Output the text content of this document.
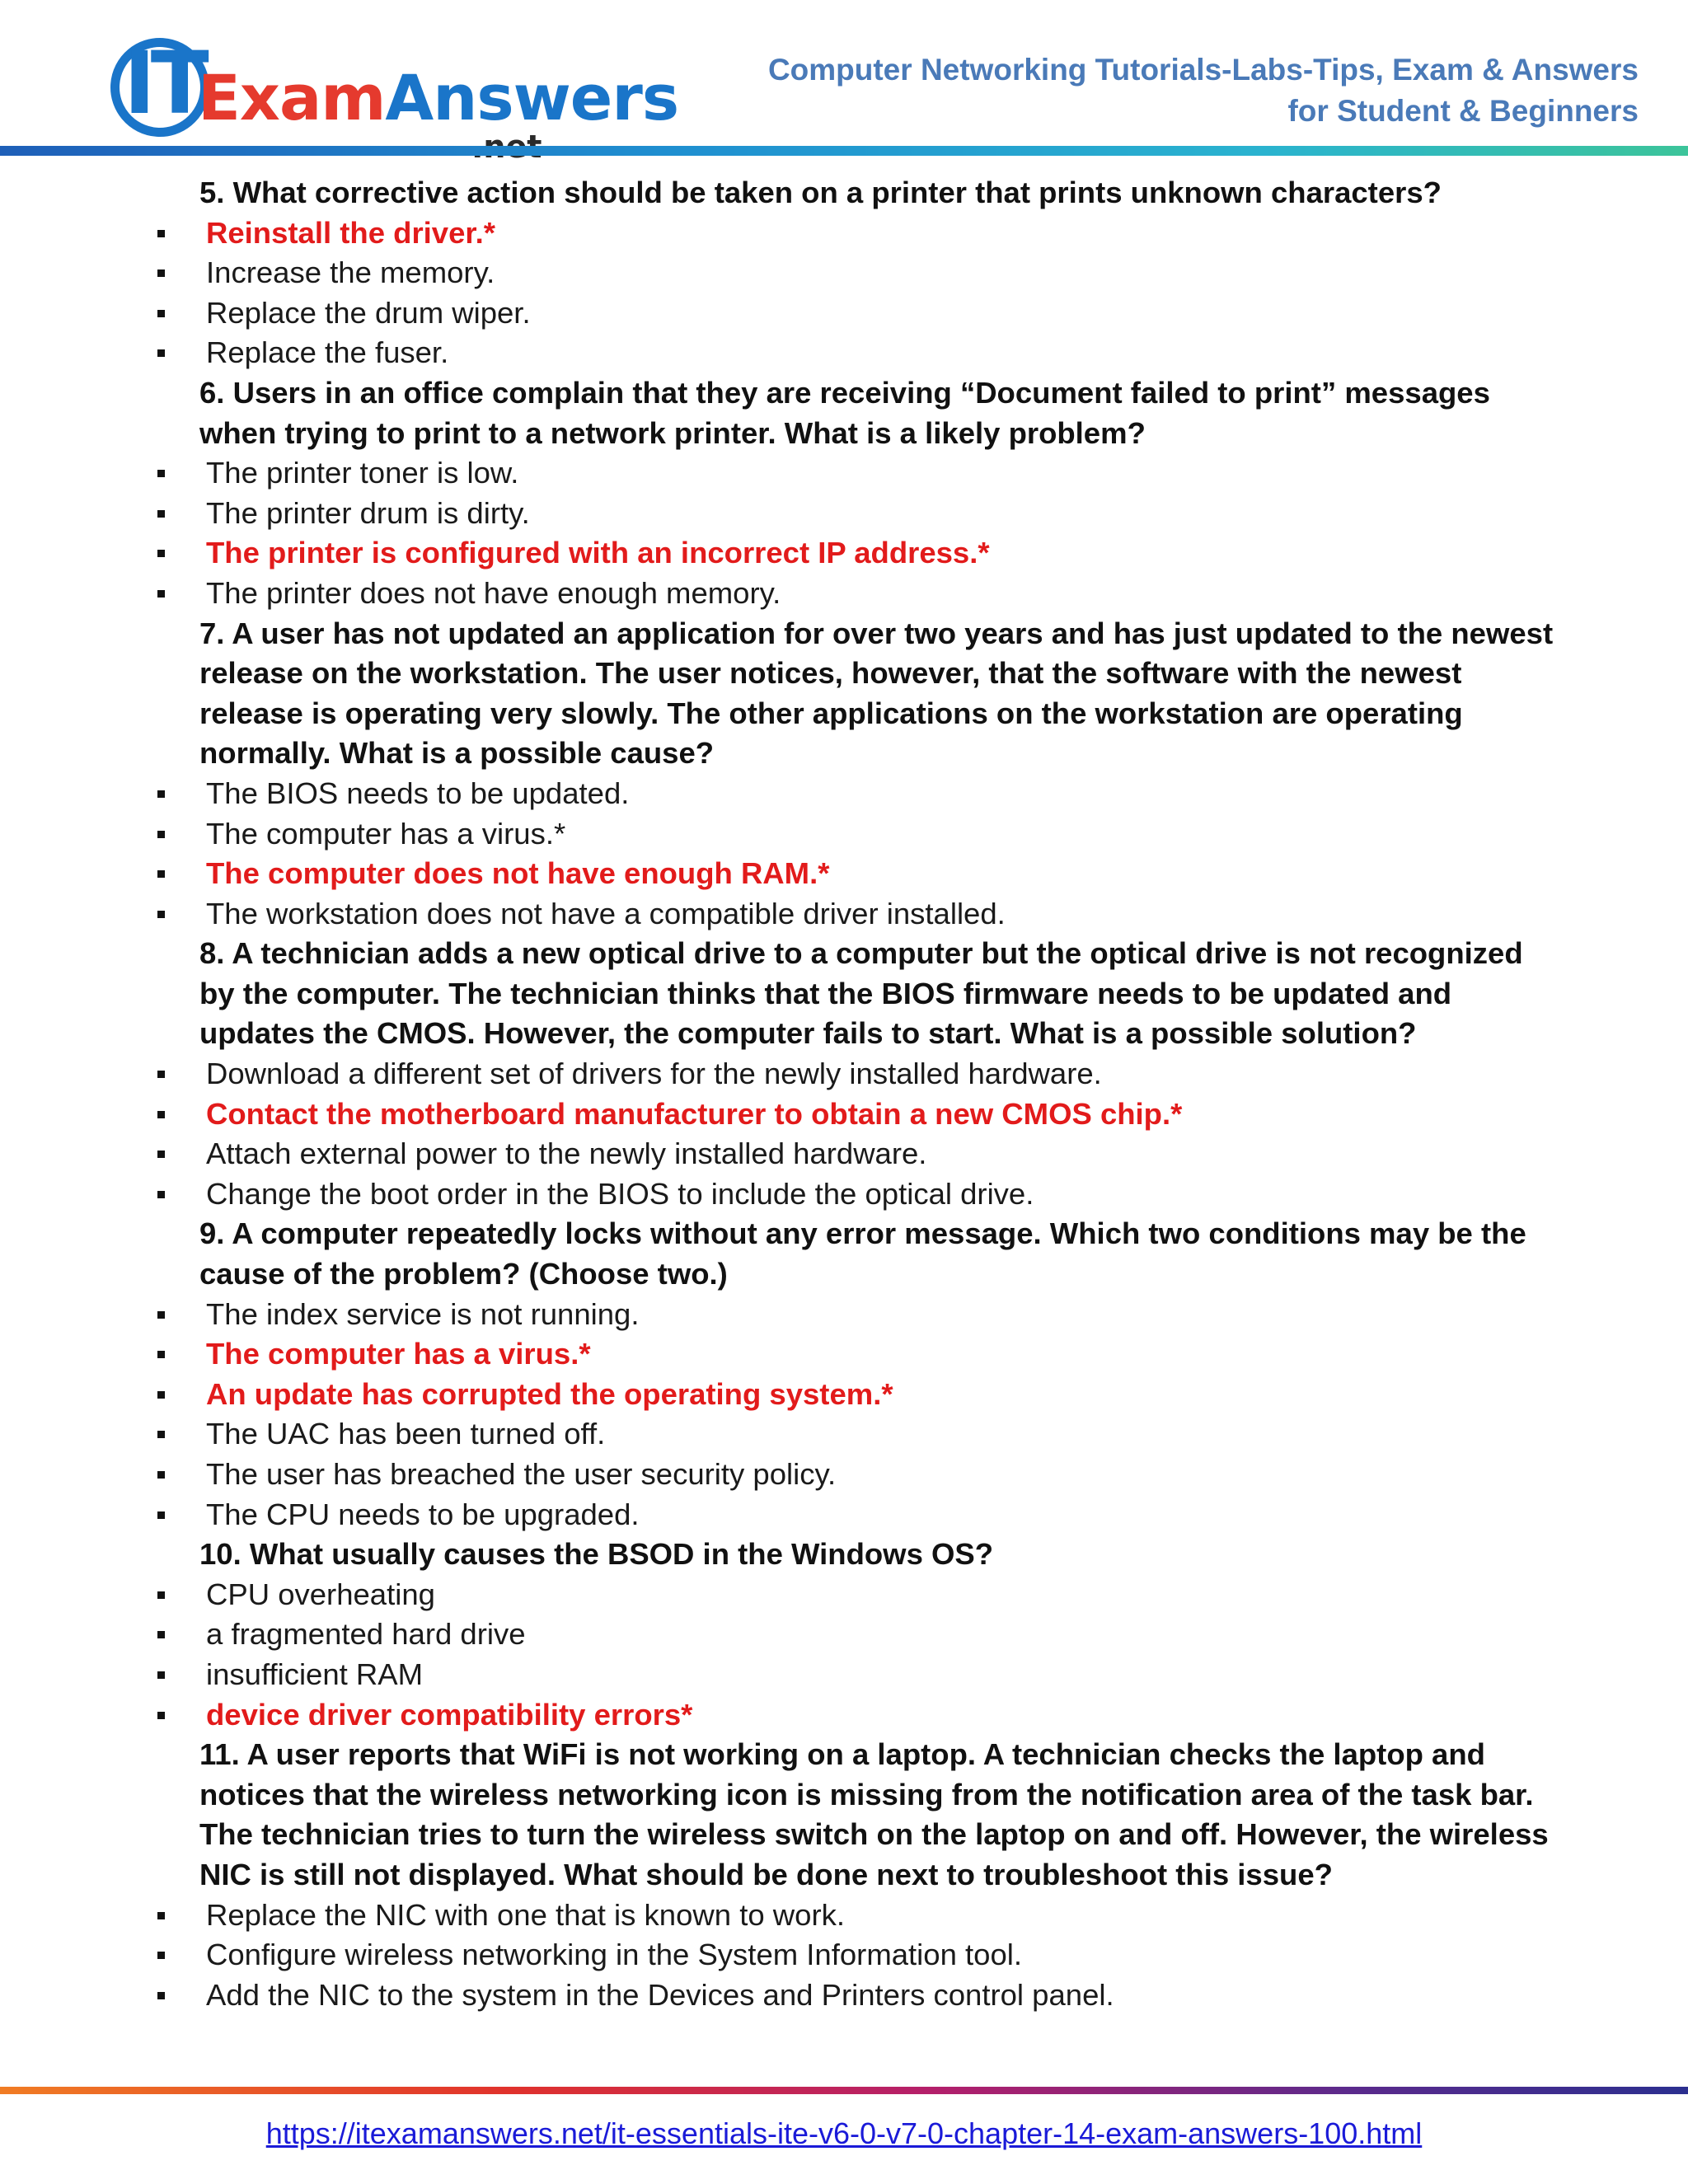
IT
ExamAnswers	Computer Networking Tutorials-Labs-Tips, Exam & Answers
for Student & Beginners
5. What corrective action should be taken on a printer that prints unknown characters?
Reinstall the driver.*
Increase the memory.
Replace the drum wiper.
Replace the fuser.
6. Users in an office complain that they are receiving “Document failed to print” messages
when trying to print to a network printer. What is a likely problem?
The printer toner is low.
The printer drum is dirty.
The printer is configured with an incorrect IP address.*
The printer does not have enough memory.
7. A user has not updated an application for over two years and has just updated to the newest
release on the workstation. The user notices, however, that the software with the newest
release is operating very slowly. The other applications on the workstation are operating
normally. What is a possible cause?
The BIOS needs to be updated.
The computer has a virus.*
The computer does not have enough RAM.*
The workstation does not have a compatible driver installed.
8. A technician adds a new optical drive to a computer but the optical drive is not recognized
by the computer. The technician thinks that the BIOS firmware needs to be updated and
updates the CMOS. However, the computer fails to start. What is a possible solution?
Download a different set of drivers for the newly installed hardware.
Contact the motherboard manufacturer to obtain a new CMOS chip.*
Attach external power to the newly installed hardware.
Change the boot order in the BIOS to include the optical drive.
9. A computer repeatedly locks without any error message. Which two conditions may be the
cause of the problem? (Choose two.)
The index service is not running.
The computer has a virus.*
An update has corrupted the operating system.*
The UAC has been turned off.
The user has breached the user security policy.
The CPU needs to be upgraded.
10. What usually causes the BSOD in the Windows OS?
CPU overheating
a fragmented hard drive
insufficient RAM
device driver compatibility errors*
11. A user reports that WiFi is not working on a laptop. A technician checks the laptop and
notices that the wireless networking icon is missing from the notification area of the task bar.
The technician tries to turn the wireless switch on the laptop on and off. However, the wireless
NIC is still not displayed. What should be done next to troubleshoot this issue?
Replace the NIC with one that is known to work.
Configure wireless networking in the System Information tool.
Add the NIC to the system in the Devices and Printers control panel.
https://itexamanswers.net/it-essentials-ite-v6-0-v7-0-chapter-14-exam-answers-100.html
